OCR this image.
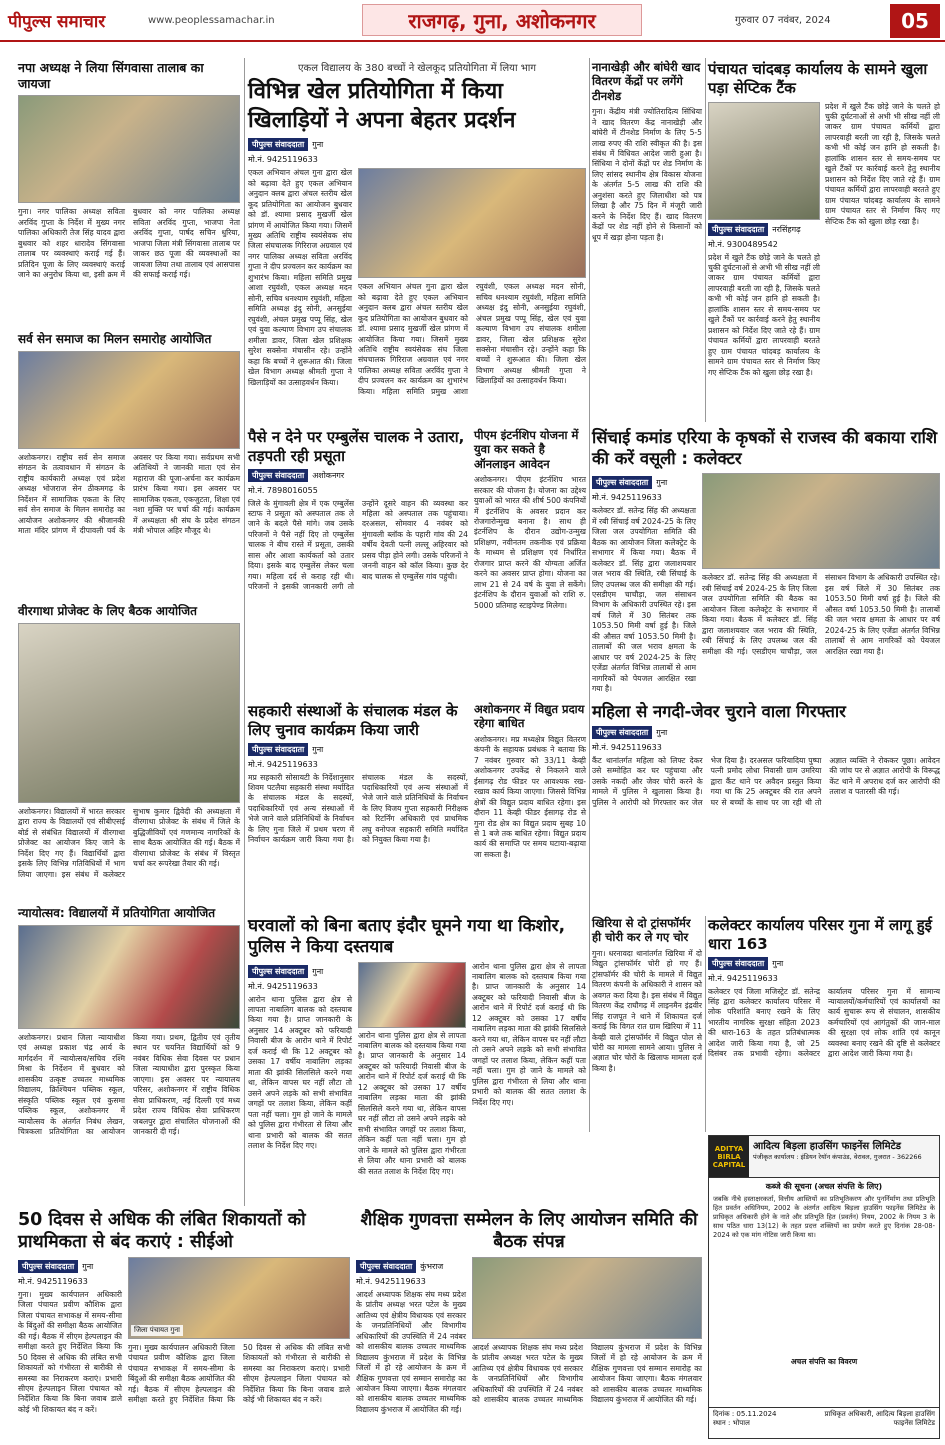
पीपुल्स समाचार	www.peoplessamachar.in	राजगढ़, गुना, अशोकनगर	गुरुवार 07 नवंबर, 2024	05
नपा अध्यक्ष ने लिया सिंगवासा तालाब का जायजा
गुना। नगर पालिका अध्यक्ष सविता अरविंद गुप्ता के निर्देश में मुख्य नगर पालिका अधिकारी तेज सिंह यादव द्वारा बुधवार को शहर धारादेव सिंगवासा तालाब पर व्यवस्थाएं कराई गई हैं। प्रतिदिन पूजा के लिए व्यवस्थाएं कराई जाने का अनुरोध किया था, इसी क्रम में बुधवार को नगर पालिका अध्यक्ष सविता अरविंद गुप्ता, भाजपा नेता अरविंद गुप्ता, पार्षद सचिन धुरिया, भाजपा जिला मंत्री सिंगवासा तालाब पर जाकर छठ पूजा की व्यवस्थाओं का जायजा लिया तथा तालाब एवं आसपास की सफाई कराई गई।
सर्व सेन समाज का मिलन समारोह आयोजित
अशोकनगर। राष्ट्रीय सर्व सेन समाज संगठन के तत्वावधान में संगठन के राष्ट्रीय कार्यकारी अध्यक्ष एवं प्रदेश अध्यक्ष भोजराज सेन ठीकमगढ़ के निर्देशन में सामाजिक एकता के लिए सर्व सेन समाज के मिलन समारोह का आयोजन अशोकनगर की श्रीजानकी माता मंदिर प्रांगण में दीपावली पर्व के अवसर पर किया गया। सर्वप्रथम सभी अतिथियों ने जानकी माता एवं सेन महाराज की पूजा-अर्चना कर कार्यक्रम प्रारंभ किया गया। इस अवसर पर सामाजिक एकता, एकजुटता, शिक्षा एवं नशा मुक्ति पर चर्चा की गई। कार्यक्रम में अध्यक्षता श्री संघ के प्रदेश संगठन मंत्री भोपाल अहिर मौजूद थे।
वीरगाथा प्रोजेक्ट के लिए बैठक आयोजित
अशोकनगर। विद्यालयों में भारत सरकार द्वारा राज्य के विद्यालयों एवं सीबीएसई बोर्ड से संबंधित विद्यालयों में वीरगाथा प्रोजेक्ट का आयोजन किए जाने के निर्देश दिए गए हैं। विद्यार्थियों द्वारा इसके लिए विभिन्न गतिविधियों में भाग लिया जाएगा। इस संबंध में कलेक्टर सुभाष कुमार द्विवेदी की अध्यक्षता में वीरगाथा प्रोजेक्ट के संबंध में जिले के बुद्धिजीवियों एवं गणमान्य नागरिकों के साथ बैठक आयोजित की गई। बैठक में वीरगाथा प्रोजेक्ट के संबंध में विस्तृत चर्चा कर रूपरेखा तैयार की गई।
न्यायोत्सव: विद्यालयों में प्रतियोगिता आयोजित
अशोकनगर। प्रधान जिला न्यायाधीश एवं अध्यक्ष प्रकाश चंद्र आर्य के मार्गदर्शन में न्यायोत्सव/सचिव रश्मि मिश्रा के निर्देशन में बुधवार को शासकीय उत्कृष्ट उच्चतर माध्यमिक विद्यालय, क्रिश्चियन पब्लिक स्कूल, संस्कृति पब्लिक स्कूल एवं कुसमा पब्लिक स्कूल, अशोकनगर में न्यायोत्सव के अंतर्गत निबंध लेखन, चित्रकला प्रतियोगिता का आयोजन किया गया। प्रथम, द्वितीय एवं तृतीय स्थान पर चयनित विद्यार्थियों को 9 नवंबर विधिक सेवा दिवस पर प्रधान जिला न्यायाधीश द्वारा पुरस्कृत किया जाएगा। इस अवसर पर न्यायालय परिसर, अशोकनगर में राष्ट्रीय विधिक सेवा प्राधिकरण, नई दिल्ली एवं मध्य प्रदेश राज्य विधिक सेवा प्राधिकरण जबलपुर द्वारा संचालित योजनाओं की जानकारी दी गई।
एकल विद्यालय के 380 बच्चों ने खेलकूद प्रतियोगिता में लिया भाग
विभिन्न खेल प्रतियोगिता में किया खिलाड़ियों ने अपना बेहतर प्रदर्शन
पीपुल्स संवाददाता	गुना
मो.नं. 9425119633
एकल अभियान अंचल गुना द्वारा खेल को बढ़ावा देते हुए एकल अभियान अनुदान क्लब द्वारा अंचल स्तरीय खेल कूद प्रतियोगिता का आयोजन बुधवार को डॉ. श्यामा प्रसाद मुखर्जी खेल प्रांगण में आयोजित किया गया। जिसमें मुख्य अतिथि राष्ट्रीय स्वयंसेवक संघ जिला संघचालक गिरिराज अग्रवाल एवं नगर पालिका अध्यक्ष सविता अरविंद गुप्ता ने दीप प्रज्वलन कर कार्यक्रम का शुभारंभ किया। महिला समिति प्रमुख आशा रघुवंशी, एकल अध्यक्ष मदन सोनी, सचिव धनश्याम रघुवंशी, महिला समिति अध्यक्ष इंदु सोनी, अनसुईया रघुवंशी, अंचल प्रमुख पप्पू सिंह, खेल एवं युवा कल्याण विभाग उप संचालक शमीला डावर, जिला खेल प्रशिक्षक सुरेश सक्सेना मंचासीन रहे। उन्होंने कहा कि बच्चों ने शुरूआत की। जिला खेल विभाग अध्यक्ष श्रीमती गुप्ता ने खिलाड़ियों का उत्साहवर्धन किया।
एकल अभियान अंचल गुना द्वारा खेल को बढ़ावा देते हुए एकल अभियान अनुदान क्लब द्वारा अंचल स्तरीय खेल कूद प्रतियोगिता का आयोजन बुधवार को डॉ. श्यामा प्रसाद मुखर्जी खेल प्रांगण में आयोजित किया गया। जिसमें मुख्य अतिथि राष्ट्रीय स्वयंसेवक संघ जिला संघचालक गिरिराज अग्रवाल एवं नगर पालिका अध्यक्ष सविता अरविंद गुप्ता ने दीप प्रज्वलन कर कार्यक्रम का शुभारंभ किया। महिला समिति प्रमुख आशा रघुवंशी, एकल अध्यक्ष मदन सोनी, सचिव धनश्याम रघुवंशी, महिला समिति अध्यक्ष इंदु सोनी, अनसुईया रघुवंशी, अंचल प्रमुख पप्पू सिंह, खेल एवं युवा कल्याण विभाग उप संचालक शमीला डावर, जिला खेल प्रशिक्षक सुरेश सक्सेना मंचासीन रहे। उन्होंने कहा कि बच्चों ने शुरूआत की। जिला खेल विभाग अध्यक्ष श्रीमती गुप्ता ने खिलाड़ियों का उत्साहवर्धन किया।
नानाखेड़ी और बांघेरी खाद वितरण केंद्रों पर लगेंगे टीनशेड
गुना। केंद्रीय मंत्री ज्योतिरादित्य सिंधिया ने खाद वितरण केंद्र नानाखेड़ी और बांघेरी में टीनशेड निर्माण के लिए 5-5 लाख रुपए की राशि स्वीकृत की है। इस संबंध में विधिवत आदेश जारी हुआ है। सिंधिया ने दोनों केंद्रों पर शेड निर्माण के लिए सांसद स्थानीय क्षेत्र विकास योजना के अंतर्गत 5-5 लाख की राशि की अनुशंसा करते हुए जिलाधीश को पत्र लिखा है और 75 दिन में मंजूरी जारी करने के निर्देश दिए हैं। खाद वितरण केंद्रों पर शेड नहीं होने से किसानों को धूप में खड़ा होना पड़ता है।
पंचायत चांदबड़ कार्यालय के सामने खुला पड़ा सेप्टिक टैंक
पीपुल्स संवाददाता	नरसिंहगढ़
मो.नं. 9300489542
प्रदेश में खुले टैंक छोड़े जाने के चलते हो चुकी दुर्घटनाओं से अभी भी सीख नहीं ली जाकर ग्राम पंचायत कर्मियों द्वारा लापरवाही बरती जा रही है, जिसके चलते कभी भी कोई जन हानि हो सकती है। हालांकि शासन स्तर से समय-समय पर खुले टैंकों पर कार्रवाई करने हेतु स्थानीय प्रशासन को निर्देश दिए जाते रहे हैं। ग्राम पंचायत कर्मियों द्वारा लापरवाही बरतते हुए ग्राम पंचायत चांदबड़ कार्यालय के सामने ग्राम पंचायत स्तर से निर्माण किए गए सेप्टिक टैंक को खुला छोड़ रखा है।
प्रदेश में खुले टैंक छोड़े जाने के चलते हो चुकी दुर्घटनाओं से अभी भी सीख नहीं ली जाकर ग्राम पंचायत कर्मियों द्वारा लापरवाही बरती जा रही है, जिसके चलते कभी भी कोई जन हानि हो सकती है। हालांकि शासन स्तर से समय-समय पर खुले टैंकों पर कार्रवाई करने हेतु स्थानीय प्रशासन को निर्देश दिए जाते रहे हैं। ग्राम पंचायत कर्मियों द्वारा लापरवाही बरतते हुए ग्राम पंचायत चांदबड़ कार्यालय के सामने ग्राम पंचायत स्तर से निर्माण किए गए सेप्टिक टैंक को खुला छोड़ रखा है।
पैसे न देने पर एम्बुलेंस चालक ने उतारा, तड़पती रही प्रसूता
पीपुल्स संवाददाता	अशोकनगर
मो.नं. 7898016055
जिले के मुंगावली क्षेत्र में एक एम्बुलेंस स्टाफ ने प्रसूता को अस्पताल तक ले जाने के बदले पैसे मांगे। जब उसके परिजनों ने पैसे नहीं दिए तो एम्बुलेंस चालक ने बीच रास्ते में प्रसूता, उसकी सास और आशा कार्यकर्ता को उतार दिया। इसके बाद एम्बुलेंस लेकर चला गया। महिला दर्द से कराह रही थी। परिजनों ने इसकी जानकारी लगी तो उन्होंने दूसरे वाहन की व्यवस्था कर महिला को अस्पताल तक पहुंचाया। दरअसल, सोमवार 4 नवंबर को मुंगावली ब्लॉक के पहारी गांव की 24 वर्षीय देवती पत्नी लल्लू अहिरवार को प्रसव पीड़ा होने लगी। उसके परिजनों ने जननी वाहन को कॉल किया। कुछ देर बाद चालक से एम्बुलेंस गांव पहुंची।
पीएम इंटर्नशिप योजना में युवा कर सकते है ऑनलाइन आवेदन
अशोकनगर। पीएम इंटर्नशिप भारत सरकार की योजना है। योजना का उद्देश्य युवाओं को भारत की शीर्ष 500 कंपनियों में इंटर्नशिप के अवसर प्रदान कर रोजगारोन्मुख बनाना है। साथ ही इंटर्नशिप के दौरान उद्योग-उन्मुख प्रशिक्षण, नवीनतम तकनीक एवं प्रक्रिया के माध्यम से प्रशिक्षण एवं निर्धारित रोजगार प्राप्त करने की योग्यता अर्जित करने का अवसर प्राप्त होगा। योजना का लाभ 21 से 24 वर्ष के युवा ले सकेंगे। इंटर्नशिप के दौरान युवाओं को राशि रु. 5000 प्रतिमाह स्टाइपेण्ड मिलेगा।
सिंचाई कमांड एरिया के कृषकों से राजस्व की बकाया राशि की करें वसूली : कलेक्टर
पीपुल्स संवाददाता	गुना
मो.नं. 9425119633
कलेक्टर डॉ. सतेन्द्र सिंह की अध्यक्षता में रबी सिंचाई वर्ष 2024-25 के लिए जिला जल उपयोगिता समिति की बैठक का आयोजन जिला कलेक्ट्रेट के सभागार में किया गया। बैठक में कलेक्टर डॉ. सिंह द्वारा जलाशयवार जल भराव की स्थिति, रबी सिंचाई के लिए उपलब्ध जल की समीक्षा की गई। एसडीएम चाचौड़ा, जल संसाधन विभाग के अधिकारी उपस्थित रहे। इस वर्ष जिले में 30 सितंबर तक 1053.50 मिमी वर्षा हुई है। जिले की औसत वर्षा 1053.50 मिमी है। तालाबों की जल भराव क्षमता के आधार पर वर्ष 2024-25 के लिए एजेंडा अंतर्गत विभिन्न तालाबों से आम नागरिकों को पेयजल आरक्षित रखा गया है।
कलेक्टर डॉ. सतेन्द्र सिंह की अध्यक्षता में रबी सिंचाई वर्ष 2024-25 के लिए जिला जल उपयोगिता समिति की बैठक का आयोजन जिला कलेक्ट्रेट के सभागार में किया गया। बैठक में कलेक्टर डॉ. सिंह द्वारा जलाशयवार जल भराव की स्थिति, रबी सिंचाई के लिए उपलब्ध जल की समीक्षा की गई। एसडीएम चाचौड़ा, जल संसाधन विभाग के अधिकारी उपस्थित रहे। इस वर्ष जिले में 30 सितंबर तक 1053.50 मिमी वर्षा हुई है। जिले की औसत वर्षा 1053.50 मिमी है। तालाबों की जल भराव क्षमता के आधार पर वर्ष 2024-25 के लिए एजेंडा अंतर्गत विभिन्न तालाबों से आम नागरिकों को पेयजल आरक्षित रखा गया है।
सहकारी संस्थाओं के संचालक मंडल के लिए चुनाव कार्यक्रम किया जारी
पीपुल्स संवाददाता	गुना
मो.नं. 9425119633
मप्र सहकारी सोसायटी के निर्देशानुसार शिवम पटलैया सहकारी संस्था मर्यादित के संचालक मंडल के सदस्यों, पदाधिकारियों एवं अन्य संस्थाओं में भेजे जाने वाले प्रतिनिधियों के निर्वाचन के लिए गुना जिले में प्रथम चरण में निर्वाचन कार्यक्रम जारी किया गया है। संचालक मंडल के सदस्यों, पदाधिकारियों एवं अन्य संस्थाओं में भेजे जाने वाले प्रतिनिधियों के निर्वाचन के लिए विजय गुप्ता सहकारी निरीक्षक को रिटर्निंग अधिकारी एवं प्राथमिक लघु वनोपज सहकारी समिति मर्यादित को नियुक्त किया गया है।
अशोकनगर में विद्युत प्रदाय रहेगा बाधित
अशोकनगर। मप्र मध्यक्षेत्र विद्युत वितरण कंपनी के सहायक प्रबंधक ने बताया कि 7 नवंबर गुरुवार को 33/11 केव्ही अशोकनगर उपकेंद्र से निकलने वाले ईसागढ़ रोड फीडर पर आवश्यक रख-रखाव कार्य किया जाएगा। जिससे विभिन्न क्षेत्रों की विद्युत प्रदाय बाधित रहेगा। इस दौरान 11 केव्ही फीडर ईसागढ़ रोड से गुना रोड क्षेत्र का विद्युत प्रदाय सुबह 10 से 1 बजे तक बाधित रहेगा। विद्युत प्रदाय कार्य की समाप्ति पर समय घटाया-बढ़ाया जा सकता है।
महिला से नगदी-जेवर चुराने वाला गिरफ्तार
पीपुल्स संवाददाता	गुना
मो.नं. 9425119633
कैंट थानांतर्गत महिला को लिफ्ट देकर उसे सम्मोहित कर घर पहुंचाया और उसके नकदी और जेवर चोरी करने के मामले में पुलिस ने खुलासा किया है। पुलिस ने आरोपी को गिरफ्तार कर जेल भेज दिया है। दरअसल फरियादिया पुष्पा पत्नी प्रमोद लोधा निवासी ग्राम उमरिया द्वारा कैंट थाने पर अवैदन प्रस्तुत किया गया था कि 25 अक्टूबर की रात अपने घर से बच्चों के साथ पर जा रही थी तो अज्ञात व्यक्ति ने रोककर पूछा। आवेदन की जांच पर से अज्ञात आरोपी के विरूद्ध केंट थाने में अपराध दर्ज कर आरोपी की तलाश व पतारसी की गई।
घरवालों को बिना बताए इंदौर घूमने गया था किशोर, पुलिस ने किया दस्तयाब
पीपुल्स संवाददाता	गुना
मो.नं. 9425119633
आरोन थाना पुलिस द्वारा क्षेत्र से लापता नाबालिग बालक को दस्तयाब किया गया है। प्राप्त जानकारी के अनुसार 14 अक्टूबर को फरियादी निवासी बीज के आरोन थाने में रिपोर्ट दर्ज कराई थी कि 12 अक्टूबर को उसका 17 वर्षीय नाबालिग लड़का माता की झांकी सिलसिले करने गया था, लेकिन वापस घर नहीं लौटा तो उसने अपने लड़के को सभी संभावित जगहों पर तलाश किया, लेकिन कहीं पता नहीं चला। गुम हो जाने के मामले को पुलिस द्वारा गंभीरता से लिया और थाना प्रभारी को बालक की सतत तलाश के निर्देश दिए गए।
आरोन थाना पुलिस द्वारा क्षेत्र से लापता नाबालिग बालक को दस्तयाब किया गया है। प्राप्त जानकारी के अनुसार 14 अक्टूबर को फरियादी निवासी बीज के आरोन थाने में रिपोर्ट दर्ज कराई थी कि 12 अक्टूबर को उसका 17 वर्षीय नाबालिग लड़का माता की झांकी सिलसिले करने गया था, लेकिन वापस घर नहीं लौटा तो उसने अपने लड़के को सभी संभावित जगहों पर तलाश किया, लेकिन कहीं पता नहीं चला। गुम हो जाने के मामले को पुलिस द्वारा गंभीरता से लिया और थाना प्रभारी को बालक की सतत तलाश के निर्देश दिए गए।
आरोन थाना पुलिस द्वारा क्षेत्र से लापता नाबालिग बालक को दस्तयाब किया गया है। प्राप्त जानकारी के अनुसार 14 अक्टूबर को फरियादी निवासी बीज के आरोन थाने में रिपोर्ट दर्ज कराई थी कि 12 अक्टूबर को उसका 17 वर्षीय नाबालिग लड़का माता की झांकी सिलसिले करने गया था, लेकिन वापस घर नहीं लौटा तो उसने अपने लड़के को सभी संभावित जगहों पर तलाश किया, लेकिन कहीं पता नहीं चला। गुम हो जाने के मामले को पुलिस द्वारा गंभीरता से लिया और थाना प्रभारी को बालक की सतत तलाश के निर्देश दिए गए।
खिरिया से दो ट्रांसफॉर्मर ही चोरी कर ले गए चोर
गुना। धरनावदा थानांतर्गत खिरिया में दो विद्युत ट्रांसफॉर्मर चोरी हो गए हैं। ट्रांसफॉर्मर की चोरी के मामले में विद्युत वितरण कंपनी के अधिकारी ने शासन को अवगत करा दिया है। इस संबंध में विद्युत वितरण केंद्र राघौगढ़ में लाइनमैन इंद्रवीर सिंह राजपूत ने थाने में शिकायत दर्ज कराई कि विगत रात ग्राम खिरिया में 11 केव्ही वाले ट्रांसफॉर्मर में विद्युत पोल से चोरी का मामला सामने आया। पुलिस ने अज्ञात चोर चोरों के खिलाफ मामला दर्ज किया है।
कलेक्टर कार्यालय परिसर गुना में लागू हुई धारा 163
पीपुल्स संवाददाता	गुना
मो.नं. 9425119633
कलेक्टर एवं जिला मजिस्ट्रेट डॉ. सतेन्द्र सिंह द्वारा कलेक्टर कार्यालय परिसर में लोक परिशांति बनाए रखने के लिए भारतीय नागरिक सुरक्षा संहिता 2023 की धारा-163 के तहत प्रतिबंधात्मक आदेश जारी किया गया है, जो 25 दिसंबर तक प्रभावी रहेगा। कलेक्टर कार्यालय परिसर गुना में सामान्य न्यायालयों/कर्मचारियों एवं कार्यालयों का कार्य सुचारू रूप से संचालन, शासकीय कर्मचारियों एवं आगंतुकों की जान-माल की सुरक्षा एवं लोक शांति एवं कानून व्यवस्था बनाए रखने की दृष्टि से कलेक्टर द्वारा आदेश जारी किया गया है।
50 दिवस से अधिक की लंबित शिकायतों को प्राथमिकता से बंद कराएं : सीईओ
पीपुल्स संवाददाता	गुना
मो.नं. 9425119633
गुना। मुख्य कार्यपालन अधिकारी जिला पंचायत प्रवीण कौशिक द्वारा जिला पंचायत सभाकक्ष में समय-सीमा के बिंदुओं की समीक्षा बैठक आयोजित की गई। बैठक में सीएम हेल्पलाइन की समीक्षा करते हुए निर्देशित किया कि 50 दिवस से अधिक की लंबित सभी शिकायतों को गंभीरता से बारीकी से समस्या का निराकरण कराएं। प्रभारी सीएम हेल्पलाइन जिला पंचायत को निर्देशित किया कि बिना जवाब डाले कोई भी शिकायत बंद न करें।
जिला पंचायत गुना
गुना। मुख्य कार्यपालन अधिकारी जिला पंचायत प्रवीण कौशिक द्वारा जिला पंचायत सभाकक्ष में समय-सीमा के बिंदुओं की समीक्षा बैठक आयोजित की गई। बैठक में सीएम हेल्पलाइन की समीक्षा करते हुए निर्देशित किया कि 50 दिवस से अधिक की लंबित सभी शिकायतों को गंभीरता से बारीकी से समस्या का निराकरण कराएं। प्रभारी सीएम हेल्पलाइन जिला पंचायत को निर्देशित किया कि बिना जवाब डाले कोई भी शिकायत बंद न करें।
शैक्षिक गुणवत्ता सम्मेलन के लिए आयोजन समिति की बैठक संपन्न
पीपुल्स संवाददाता	कुंभराज
मो.नं. 9425119633
आदर्श अध्यापक शिक्षक संघ मध्य प्रदेश के प्रांतीय अध्यक्ष भरत पटेल के मुख्य आतिथ्य एवं क्षेत्रीय विधायक एवं सरकार के जनप्रतिनिधियों और विभागीय अधिकारियों की उपस्थिति में 24 नवंबर को शासकीय बालक उच्चतर माध्यमिक विद्यालय कुंभराज में प्रदेश के विभिन्न जिलों में हो रहे आयोजन के क्रम में शैक्षिक गुणवत्ता एवं सम्मान समारोह का आयोजन किया जाएगा। बैठक मंगलवार को शासकीय बालक उच्चतर माध्यमिक विद्यालय कुंभराज में आयोजित की गई।
आदर्श अध्यापक शिक्षक संघ मध्य प्रदेश के प्रांतीय अध्यक्ष भरत पटेल के मुख्य आतिथ्य एवं क्षेत्रीय विधायक एवं सरकार के जनप्रतिनिधियों और विभागीय अधिकारियों की उपस्थिति में 24 नवंबर को शासकीय बालक उच्चतर माध्यमिक विद्यालय कुंभराज में प्रदेश के विभिन्न जिलों में हो रहे आयोजन के क्रम में शैक्षिक गुणवत्ता एवं सम्मान समारोह का आयोजन किया जाएगा। बैठक मंगलवार को शासकीय बालक उच्चतर माध्यमिक विद्यालय कुंभराज में आयोजित की गई।
ADITYA BIRLA CAPITAL
आदित्य बिड़ला हाउसिंग फाइनेंस लिमिटेड
पंजीकृत कार्यालय : इंडियन रेयॉन कंपाउंड, वेरावल, गुजरात - 362266
कब्जे की सूचना (अचल संपत्ति के लिए)
जबकि नीचे हस्ताक्षरकर्ता, वित्तीय आस्तियों का प्रतिभूतिकरण और पुनर्निर्माण तथा प्रतिभूति हित प्रवर्तन अधिनियम, 2002 के अंतर्गत आदित्य बिड़ला हाउसिंग फाइनेंस लिमिटेड के प्राधिकृत अधिकारी होने के नाते और प्रतिभूति हित (प्रवर्तन) नियम, 2002 के नियम 3 के साथ पठित धारा 13(12) के तहत प्रदत्त शक्तियों का प्रयोग करते हुए दिनांक 28-08-2024 को एक मांग नोटिस जारी किया था।
अचल संपत्ति का विवरण
दिनांक : 05.11.2024
स्थान : भोपाल
प्राधिकृत अधिकारी, आदित्य बिड़ला हाउसिंग फाइनेंस लिमिटेड
